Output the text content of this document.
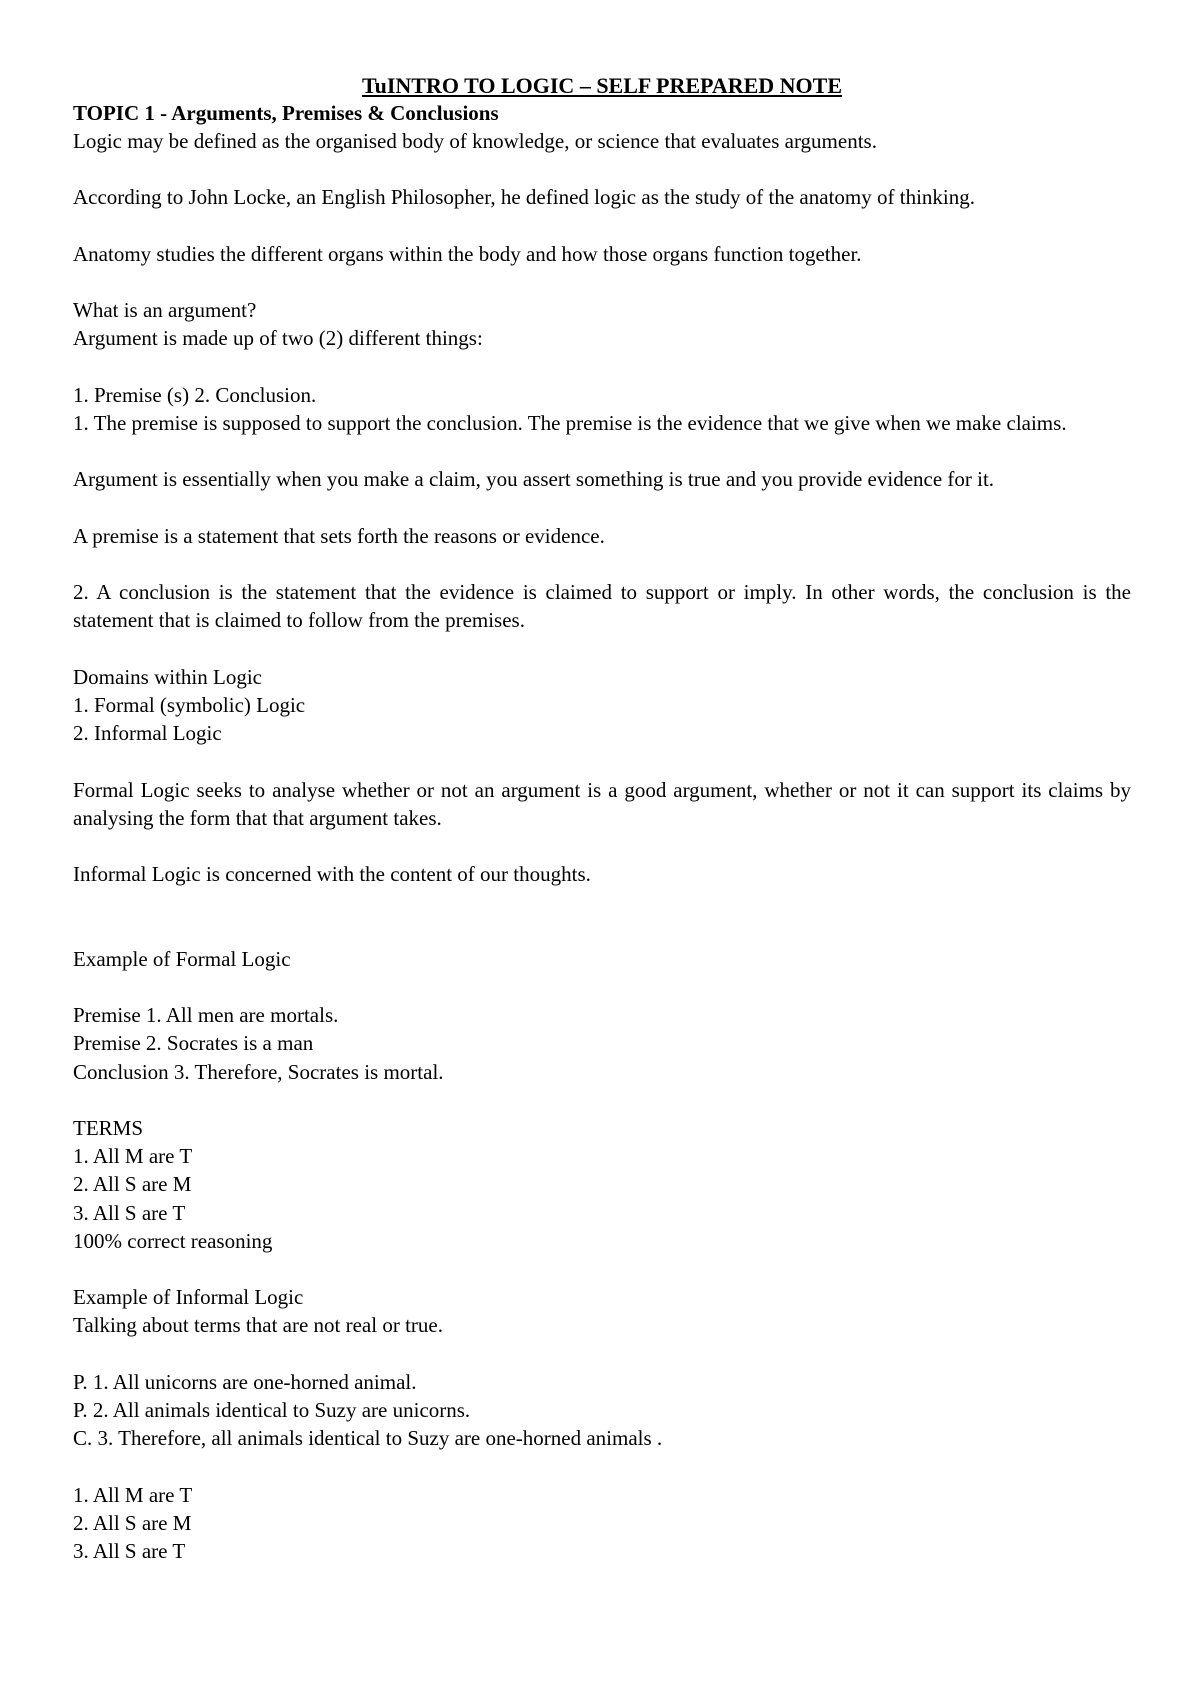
TuINTRO TO LOGIC – SELF PREPARED NOTE

TOPIC 1 - Arguments, Premises & Conclusions

Logic may be defined as the organised body of knowledge, or science that evaluates arguments.

According to John Locke, an English Philosopher, he defined logic as the study of the anatomy of thinking.

Anatomy studies the different organs within the body and how those organs function together.

What is an argument?

Argument is made up of two (2) different things:

1. Premise (s) 2. Conclusion.

1. The premise is supposed to support the conclusion. The premise is the evidence that we give when we make claims.

Argument is essentially when you make a claim, you assert something is true and you provide evidence for it.

A premise is a statement that sets forth the reasons or evidence.

2. A conclusion is the statement that the evidence is claimed to support or imply. In other words, the conclusion is the statement that is claimed to follow from the premises.

Domains within Logic

1. Formal (symbolic) Logic

2. Informal Logic

Formal Logic seeks to analyse whether or not an argument is a good argument, whether or not it can support its claims by analysing the form that that argument takes.

Informal Logic is concerned with the content of our thoughts.

Example of Formal Logic

Premise 1. All men are mortals.

Premise 2. Socrates is a man

Conclusion 3. Therefore, Socrates is mortal.

TERMS

1. All M are T

2. All S are M

3. All S are T

100% correct reasoning

Example of Informal Logic

Talking about terms that are not real or true.

P. 1. All unicorns are one-horned animal.

P. 2. All animals identical to Suzy are unicorns.

C. 3. Therefore, all animals identical to Suzy are one-horned animals .

1. All M are T

2. All S are M

3. All S are T
